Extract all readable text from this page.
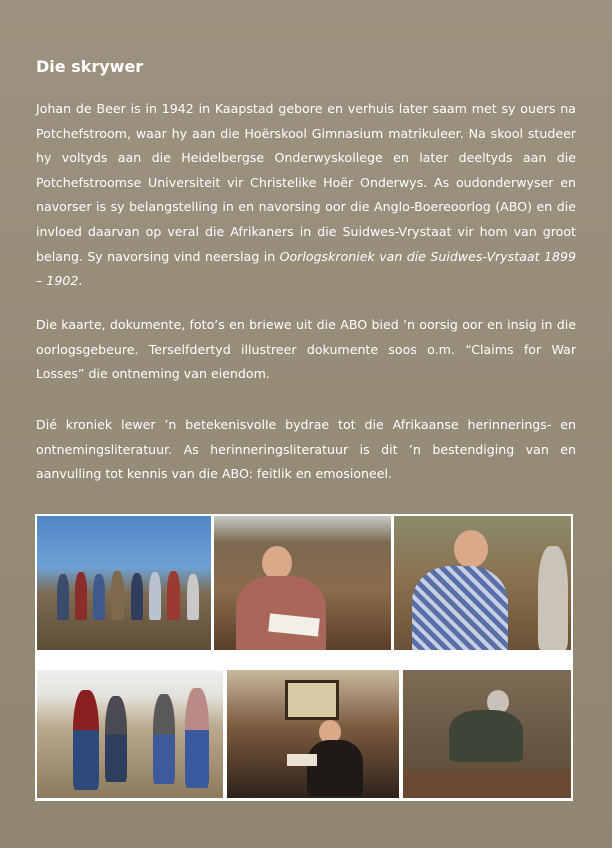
Die skrywer

Johan de Beer is in 1942 in Kaapstad gebore en verhuis later saam met sy ouers na Potchefstroom, waar hy aan die Hoërskool Gimnasium matrikuleer. Na skool studeer hy voltyds aan die Heidelbergse Onderwyskollege en later deeltyds aan die Potchefstroomse Universiteit vir Christelike Hoër Onderwys. As oudonderwyser en navorser is sy belangstelling in en navorsing oor die Anglo-Boereoorlog (ABO) en die invloed daarvan op veral die Afrikaners in die Suidwes-Vrystaat vir hom van groot belang. Sy navorsing vind neerslag in Oorlogskroniek van die Suidwes-Vrystaat 1899 – 1902.

Die kaarte, dokumente, foto’s en briewe uit die ABO bied ’n oorsig oor en insig in die oorlogsgebeure. Terselfdertyd illustreer dokumente soos o.m. “Claims for War Losses” die ontneming van eiendom.

Dié kroniek lewer ’n betekenisvolle bydrae tot die Afrikaanse herinnerings- en ontnemingsliteratuur. As herinneringsliteratuur is dit ’n bestendiging van en aanvulling tot kennis van die ABO: feitlik en emosioneel.
